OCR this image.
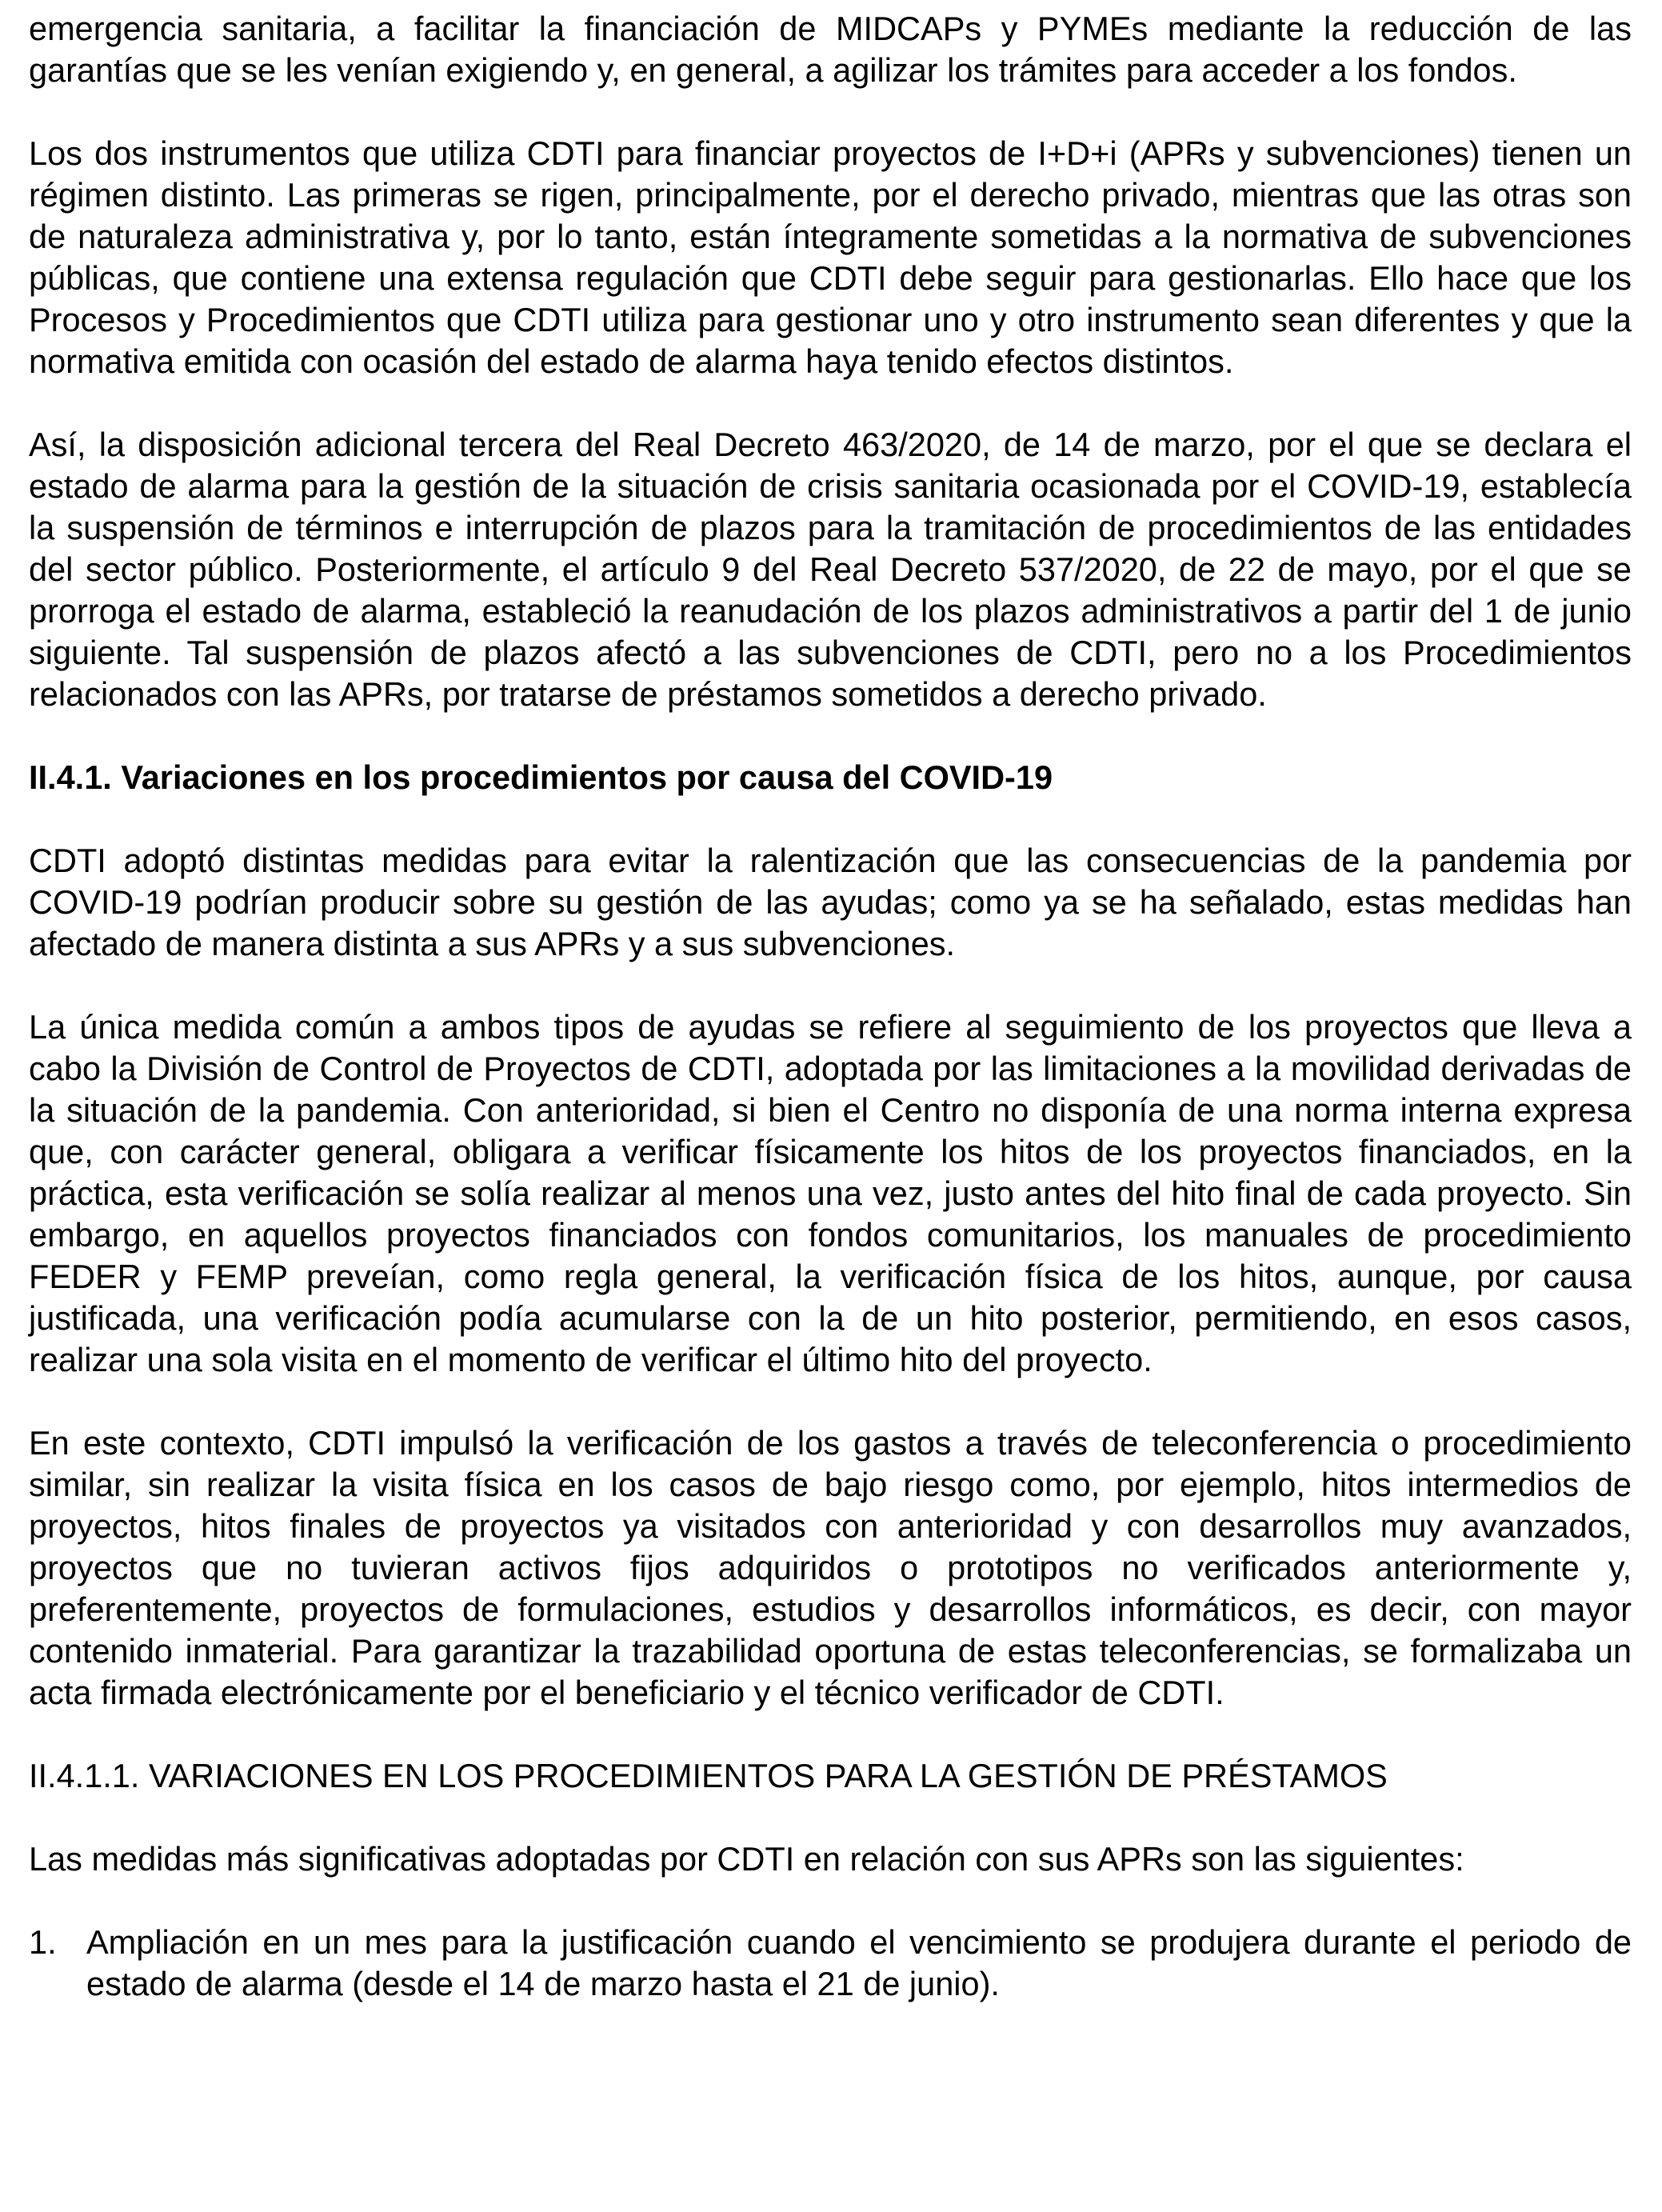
emergencia sanitaria, a facilitar la financiación de MIDCAPs y PYMEs mediante la reducción de las garantías que se les venían exigiendo y, en general, a agilizar los trámites para acceder a los fondos.

Los dos instrumentos que utiliza CDTI para financiar proyectos de I+D+i (APRs y subvenciones) tienen un régimen distinto. Las primeras se rigen, principalmente, por el derecho privado, mientras que las otras son de naturaleza administrativa y, por lo tanto, están íntegramente sometidas a la normativa de subvenciones públicas, que contiene una extensa regulación que CDTI debe seguir para gestionarlas. Ello hace que los Procesos y Procedimientos que CDTI utiliza para gestionar uno y otro instrumento sean diferentes y que la normativa emitida con ocasión del estado de alarma haya tenido efectos distintos.

Así, la disposición adicional tercera del Real Decreto 463/2020, de 14 de marzo, por el que se declara el estado de alarma para la gestión de la situación de crisis sanitaria ocasionada por el COVID-19, establecía la suspensión de términos e interrupción de plazos para la tramitación de procedimientos de las entidades del sector público. Posteriormente, el artículo 9 del Real Decreto 537/2020, de 22 de mayo, por el que se prorroga el estado de alarma, estableció la reanudación de los plazos administrativos a partir del 1 de junio siguiente. Tal suspensión de plazos afectó a las subvenciones de CDTI, pero no a los Procedimientos relacionados con las APRs, por tratarse de préstamos sometidos a derecho privado.

II.4.1. Variaciones en los procedimientos por causa del COVID-19

CDTI adoptó distintas medidas para evitar la ralentización que las consecuencias de la pandemia por COVID-19 podrían producir sobre su gestión de las ayudas; como ya se ha señalado, estas medidas han afectado de manera distinta a sus APRs y a sus subvenciones.

La única medida común a ambos tipos de ayudas se refiere al seguimiento de los proyectos que lleva a cabo la División de Control de Proyectos de CDTI, adoptada por las limitaciones a la movilidad derivadas de la situación de la pandemia. Con anterioridad, si bien el Centro no disponía de una norma interna expresa que, con carácter general, obligara a verificar físicamente los hitos de los proyectos financiados, en la práctica, esta verificación se solía realizar al menos una vez, justo antes del hito final de cada proyecto. Sin embargo, en aquellos proyectos financiados con fondos comunitarios, los manuales de procedimiento FEDER y FEMP preveían, como regla general, la verificación física de los hitos, aunque, por causa justificada, una verificación podía acumularse con la de un hito posterior, permitiendo, en esos casos, realizar una sola visita en el momento de verificar el último hito del proyecto.

En este contexto, CDTI impulsó la verificación de los gastos a través de teleconferencia o procedimiento similar, sin realizar la visita física en los casos de bajo riesgo como, por ejemplo, hitos intermedios de proyectos, hitos finales de proyectos ya visitados con anterioridad y con desarrollos muy avanzados, proyectos que no tuvieran activos fijos adquiridos o prototipos no verificados anteriormente y, preferentemente, proyectos de formulaciones, estudios y desarrollos informáticos, es decir, con mayor contenido inmaterial. Para garantizar la trazabilidad oportuna de estas teleconferencias, se formalizaba un acta firmada electrónicamente por el beneficiario y el técnico verificador de CDTI.

II.4.1.1. VARIACIONES EN LOS PROCEDIMIENTOS PARA LA GESTIÓN DE PRÉSTAMOS

Las medidas más significativas adoptadas por CDTI en relación con sus APRs son las siguientes:

1. Ampliación en un mes para la justificación cuando el vencimiento se produjera durante el periodo de estado de alarma (desde el 14 de marzo hasta el 21 de junio).
